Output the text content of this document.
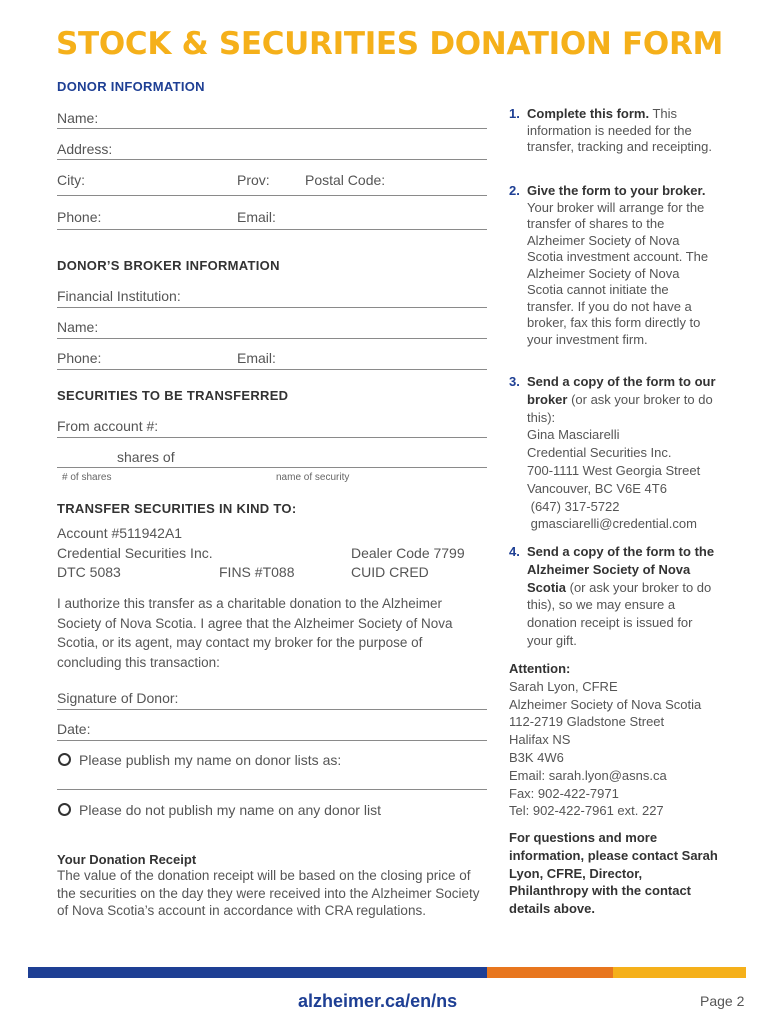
STOCK & SECURITIES DONATION FORM
DONOR INFORMATION
Name:
Address:
City:	Prov:	Postal Code:
Phone:	Email:
DONOR’S BROKER INFORMATION
Financial Institution:
Name:
Phone:	Email:
SECURITIES TO BE TRANSFERRED
From account #:
shares of
# of shares	name of security
TRANSFER SECURITIES IN KIND TO:
Account #511942A1
Credential Securities Inc.	Dealer Code 7799
DTC 5083	FINS #T088	CUID CRED
I authorize this transfer as a charitable donation to the Alzheimer Society of Nova Scotia. I agree that the Alzheimer Society of Nova Scotia, or its agent, may contact my broker for the purpose of concluding this transaction:
Signature of Donor:
Date:
Please publish my name on donor lists as:
Please do not publish my name on any donor list
Your Donation Receipt
The value of the donation receipt will be based on the closing price of the securities on the day they were received into the Alzheimer Society of Nova Scotia’s account in accordance with CRA regulations.
1. Complete this form. This information is needed for the transfer, tracking and receipting.
2. Give the form to your broker. Your broker will arrange for the transfer of shares to the Alzheimer Society of Nova Scotia investment account. The Alzheimer Society of Nova Scotia cannot initiate the transfer. If you do not have a broker, fax this form directly to your investment firm.
3. Send a copy of the form to our broker (or ask your broker to do this):
Gina Masciarelli
Credential Securities Inc.
700-1111 West Georgia Street
Vancouver, BC V6E 4T6
(647) 317-5722
gmasciarelli@credential.com
4. Send a copy of the form to the Alzheimer Society of Nova Scotia (or ask your broker to do this), so we may ensure a donation receipt is issued for your gift.
Attention:
Sarah Lyon, CFRE
Alzheimer Society of Nova Scotia
112-2719 Gladstone Street
Halifax NS
B3K 4W6
Email: sarah.lyon@asns.ca
Fax: 902-422-7971
Tel: 902-422-7961 ext. 227
For questions and more information, please contact Sarah Lyon, CFRE, Director, Philanthropy with the contact details above.
alzheimer.ca/en/ns	Page 2
